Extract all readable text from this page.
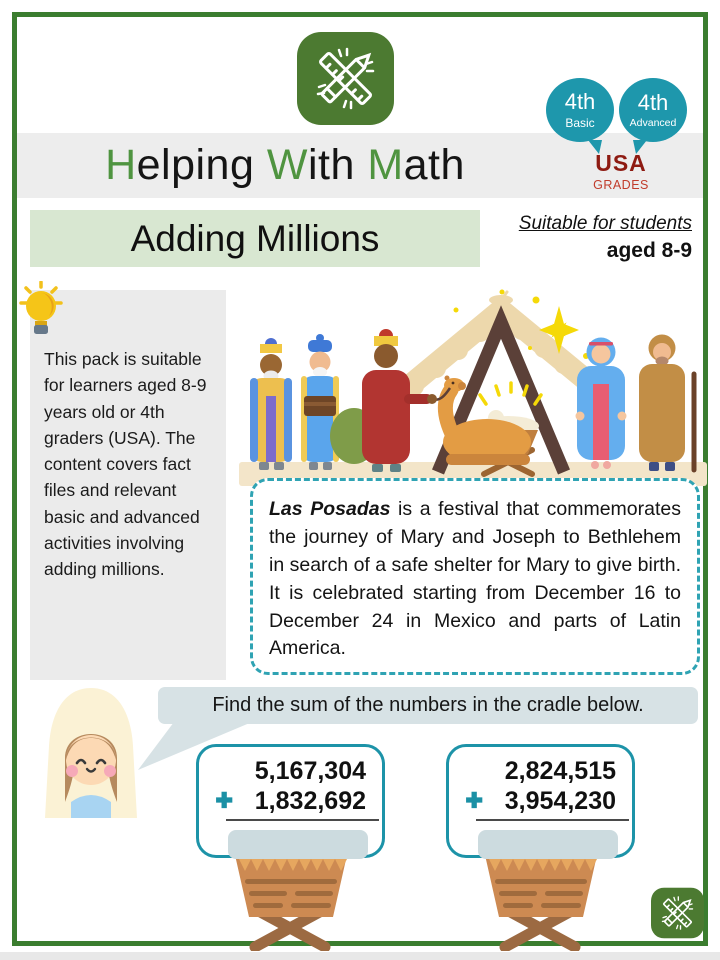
Helping With Math
4th
Basic
4th
Advanced
USA
GRADES
Adding Millions	Suitable for students
aged 8-9

This pack is suitable for learners aged 8-9 years old or 4th graders (USA). The content covers fact files and relevant basic and advanced activities involving adding millions.

Las Posadas is a festival that commemorates the journey of Mary and Joseph to Bethlehem in search of a safe shelter for Mary to give birth. It is celebrated starting from December 16 to December 24 in Mexico and parts of Latin America.
Find the sum of the numbers in the cradle below.
5,167,304
+ 1,832,692
2,824,515
+ 3,954,230
